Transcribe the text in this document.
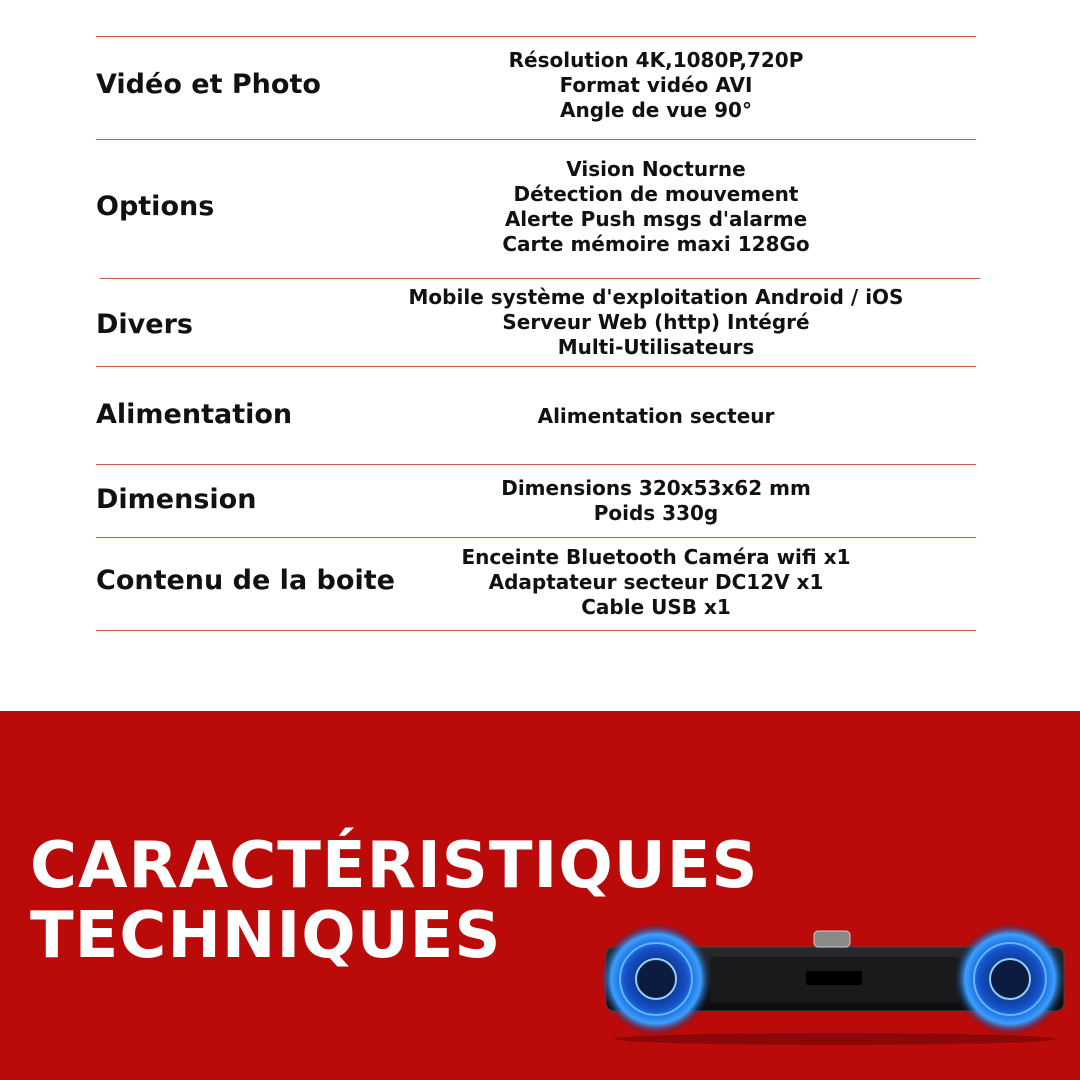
Vidéo et Photo
Résolution 4K,1080P,720P
Format vidéo AVI
Angle de vue 90°
Options
Vision Nocturne
Détection de mouvement
Alerte Push msgs d'alarme
Carte mémoire maxi 128Go
Divers
Mobile système d'exploitation Android / iOS
Serveur Web (http) Intégré
Multi-Utilisateurs
Alimentation	Alimentation secteur
Dimension	Dimensions 320x53x62 mm
Poids 330g
Contenu de la boite
Enceinte Bluetooth Caméra wifi x1
Adaptateur secteur DC12V x1
Cable USB x1
CARACTÉRISTIQUES
TECHNIQUES
